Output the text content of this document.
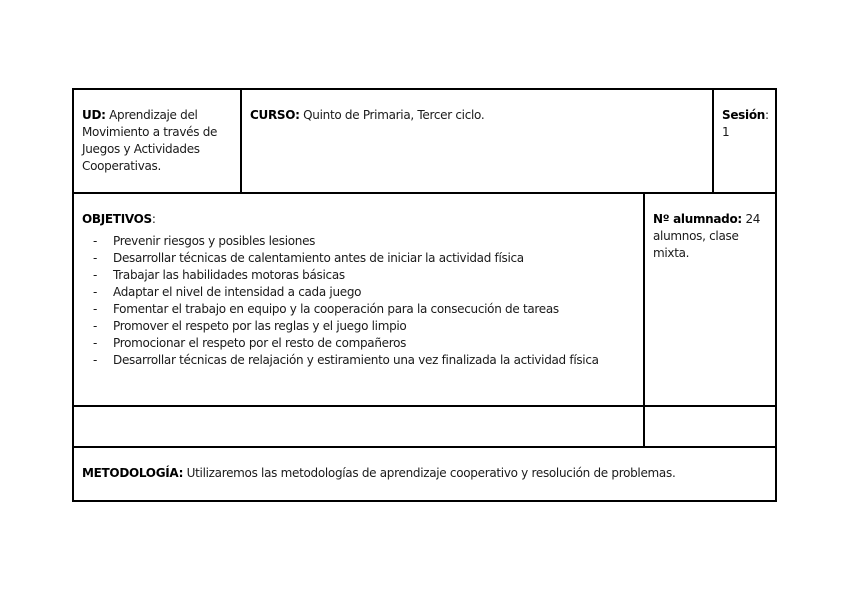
UD: Aprendizaje del Movimiento a través de Juegos y Actividades Cooperativas.
CURSO: Quinto de Primaria, Tercer ciclo.	Sesión:
1
OBJETIVOS:
- Prevenir riesgos y posibles lesiones
- Desarrollar técnicas de calentamiento antes de iniciar la actividad física
- Trabajar las habilidades motoras básicas
- Adaptar el nivel de intensidad a cada juego
- Fomentar el trabajo en equipo y la cooperación para la consecución de tareas
- Promover el respeto por las reglas y el juego limpio
- Promocionar el respeto por el resto de compañeros
- Desarrollar técnicas de relajación y estiramiento una vez finalizada la actividad física
Nº alumnado: 24 alumnos, clase mixta.
METODOLOGÍA: Utilizaremos las metodologías de aprendizaje cooperativo y resolución de problemas.
